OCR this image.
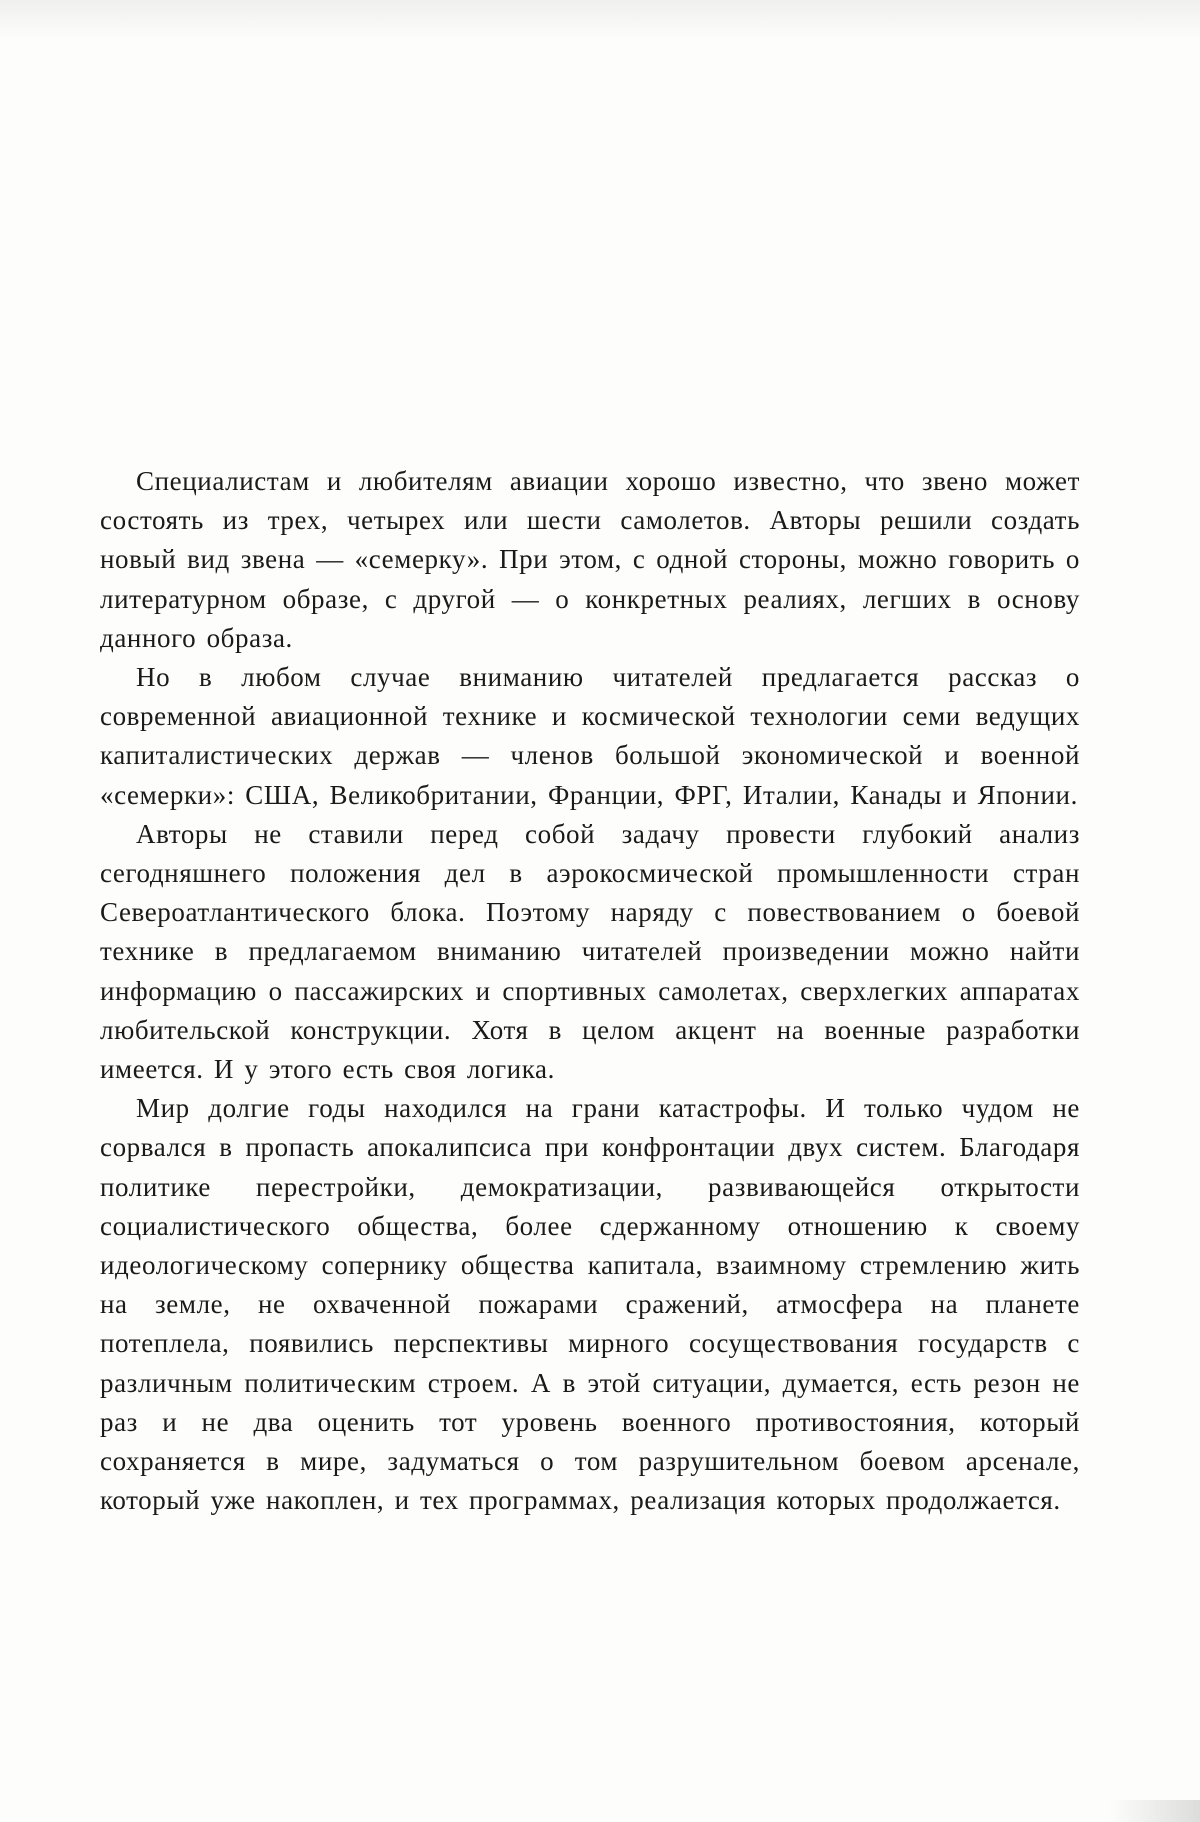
Специалистам и любителям авиации хорошо известно, что звено может состоять из трех, четырех или шести самолетов. Авторы решили создать новый вид звена — «семерку». При этом, с одной стороны, можно говорить о литературном образе, с другой — о конкретных реалиях, легших в основу данного образа.

Но в любом случае вниманию читателей предлагается рассказ о современной авиационной технике и космической технологии семи ведущих капиталистических держав — членов большой экономической и военной «семерки»: США, Великобритании, Франции, ФРГ, Италии, Канады и Японии.

Авторы не ставили перед собой задачу провести глубокий анализ сегодняшнего положения дел в аэрокосмической промышленности стран Североатлантического блока. Поэтому наряду с повествованием о боевой технике в предлагаемом вниманию читателей произведении можно найти информацию о пассажирских и спортивных самолетах, сверхлегких аппаратах любительской конструкции. Хотя в целом акцент на военные разработки имеется. И у этого есть своя логика.

Мир долгие годы находился на грани катастрофы. И только чудом не сорвался в пропасть апокалипсиса при конфронтации двух систем. Благодаря политике перестройки, демократизации, развивающейся открытости социалистического общества, более сдержанному отношению к своему идеологическому сопернику общества капитала, взаимному стремлению жить на земле, не охваченной пожарами сражений, атмосфера на планете потеплела, появились перспективы мирного сосуществования государств с различным политическим строем. А в этой ситуации, думается, есть резон не раз и не два оценить тот уровень военного противостояния, который сохраняется в мире, задуматься о том разрушительном боевом арсенале, который уже накоплен, и тех программах, реализация которых продолжается.
